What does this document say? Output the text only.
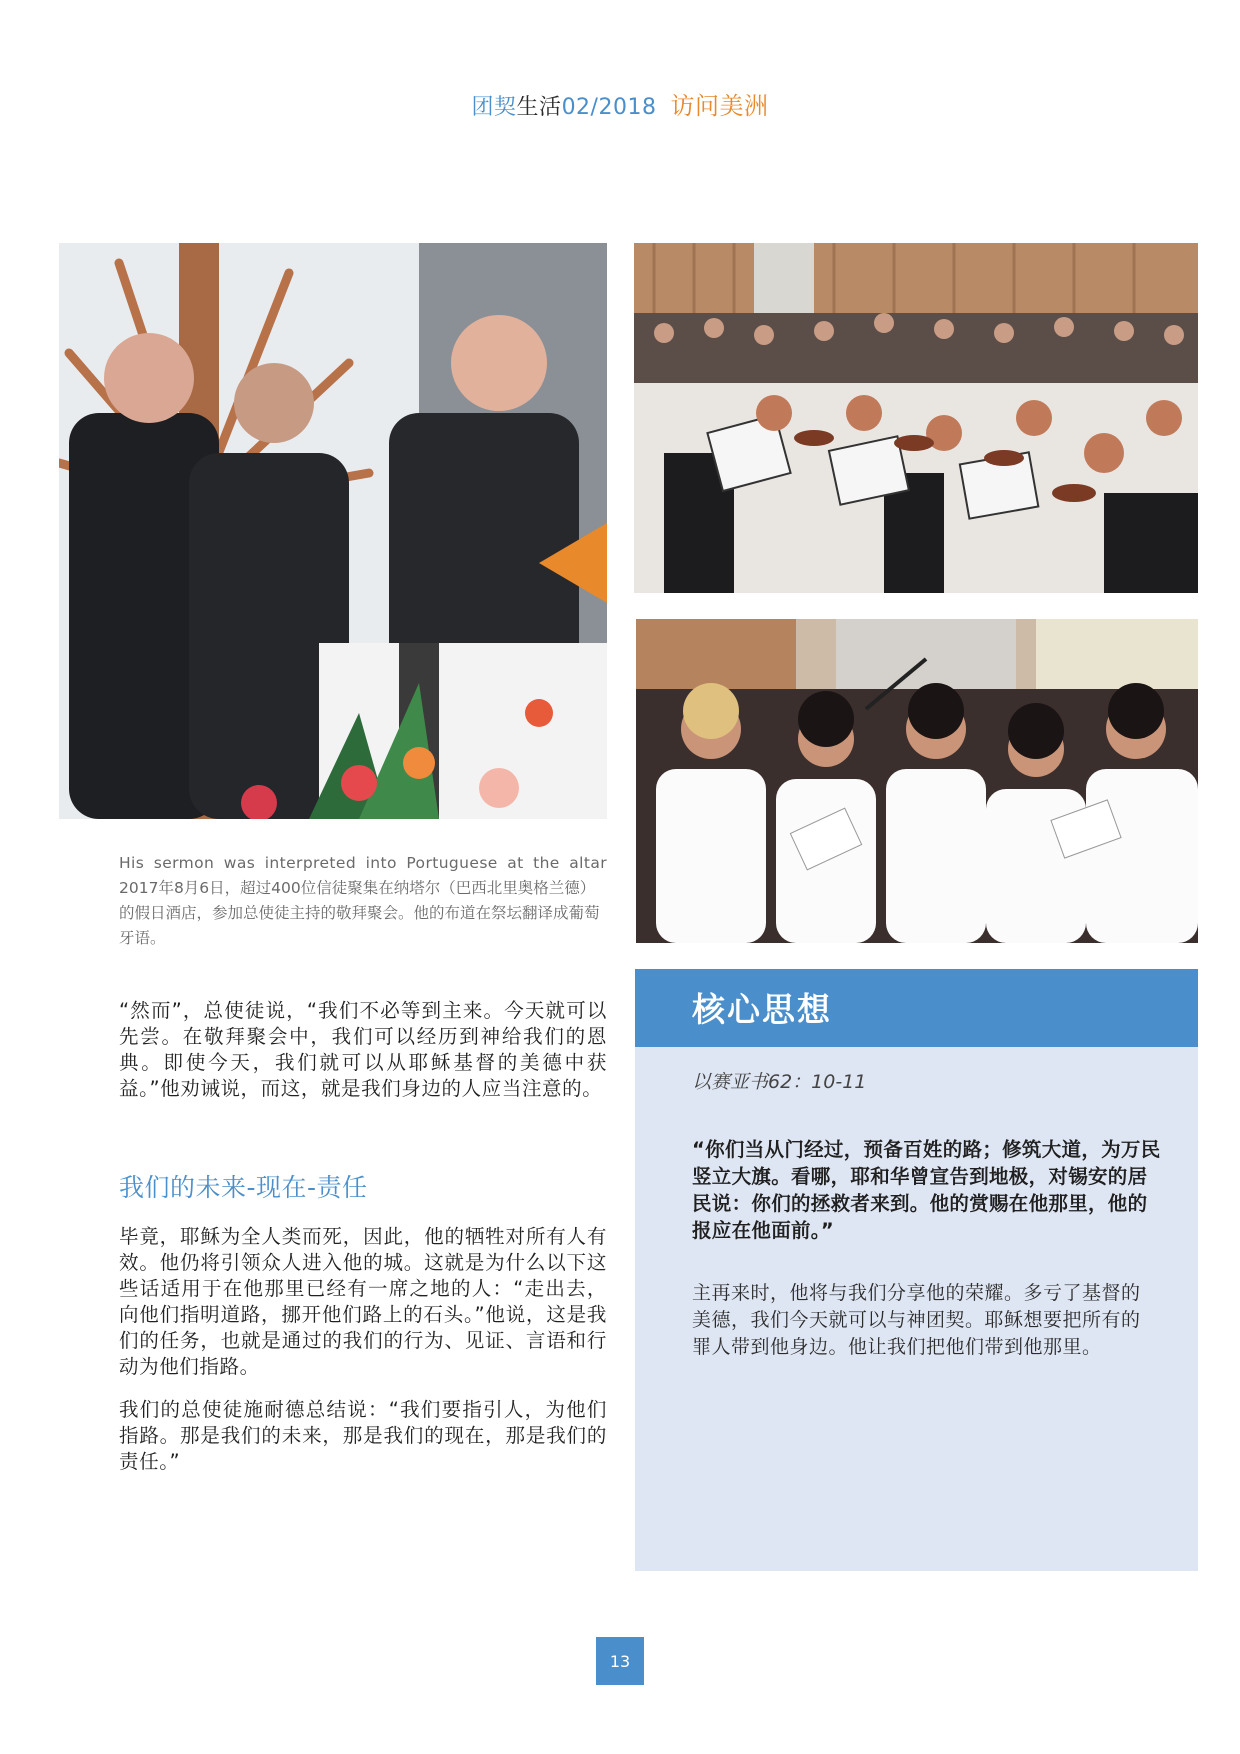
团契生活02/2018 访问美洲
His sermon was interpreted into Portuguese at the altar
2017年8月6日，超过400位信徒聚集在纳塔尔（巴西北里奥格兰德）的假日酒店，参加总使徒主持的敬拜聚会。他的布道在祭坛翻译成葡萄牙语。
“然而”，总使徒说，“我们不必等到主来。今天就可以先尝。在敬拜聚会中，我们可以经历到神给我们的恩典。即使今天，我们就可以从耶稣基督的美德中获益。”他劝诫说，而这，就是我们身边的人应当注意的。
我们的未来-现在-责任
毕竟，耶稣为全人类而死，因此，他的牺牲对所有人有效。他仍将引领众人进入他的城。这就是为什么以下这些话适用于在他那里已经有一席之地的人：“走出去，向他们指明道路，挪开他们路上的石头。”他说，这是我们的任务，也就是通过的我们的行为、见证、言语和行动为他们指路。
我们的总使徒施耐德总结说：“我们要指引人，为他们指路。那是我们的未来，那是我们的现在，那是我们的责任。”
核心思想
以赛亚书62：10-11
“你们当从门经过，预备百姓的路；修筑大道，为万民竖立大旗。看哪，耶和华曾宣告到地极，对锡安的居民说：你们的拯救者来到。他的赏赐在他那里，他的报应在他面前。”
主再来时，他将与我们分享他的荣耀。多亏了基督的美德，我们今天就可以与神团契。耶稣想要把所有的罪人带到他身边。他让我们把他们带到他那里。
13
